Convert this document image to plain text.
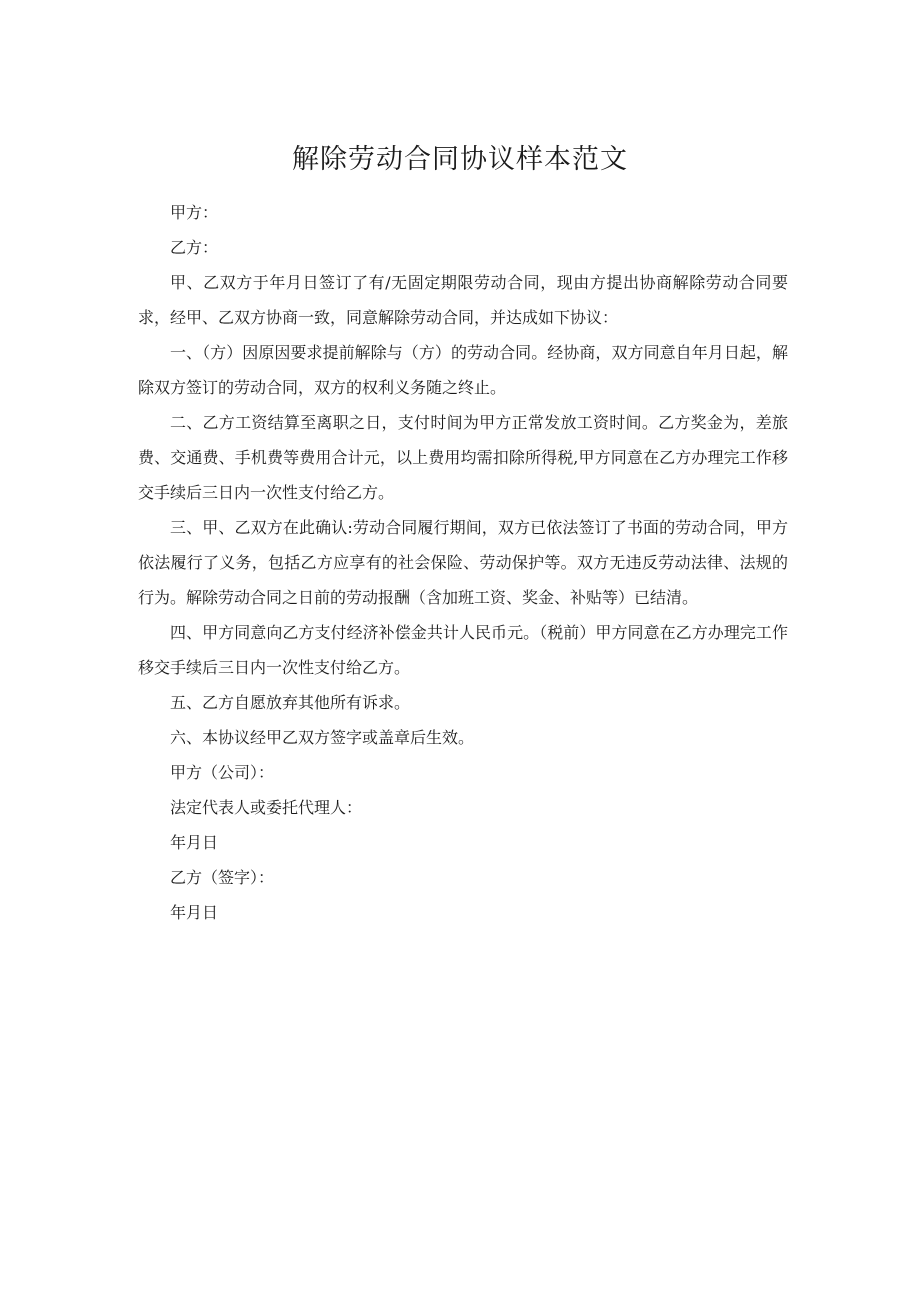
解除劳动合同协议样本范文

甲方：

乙方：

甲、乙双方于年月日签订了有/无固定期限劳动合同，现由方提出协商解除劳动合同要求，经甲、乙双方协商一致，同意解除劳动合同，并达成如下协议：

一、（方）因原因要求提前解除与（方）的劳动合同。经协商，双方同意自年月日起，解除双方签订的劳动合同，双方的权利义务随之终止。

二、乙方工资结算至离职之日，支付时间为甲方正常发放工资时间。乙方奖金为，差旅费、交通费、手机费等费用合计元，以上费用均需扣除所得税,甲方同意在乙方办理完工作移交手续后三日内一次性支付给乙方。

三、甲、乙双方在此确认:劳动合同履行期间，双方已依法签订了书面的劳动合同，甲方依法履行了义务，包括乙方应享有的社会保险、劳动保护等。双方无违反劳动法律、法规的行为。解除劳动合同之日前的劳动报酬（含加班工资、奖金、补贴等）已结清。

四、甲方同意向乙方支付经济补偿金共计人民币元。（税前）甲方同意在乙方办理完工作移交手续后三日内一次性支付给乙方。

五、乙方自愿放弃其他所有诉求。

六、本协议经甲乙双方签字或盖章后生效。

甲方（公司）：

法定代表人或委托代理人：

年月日

乙方（签字）：

年月日
